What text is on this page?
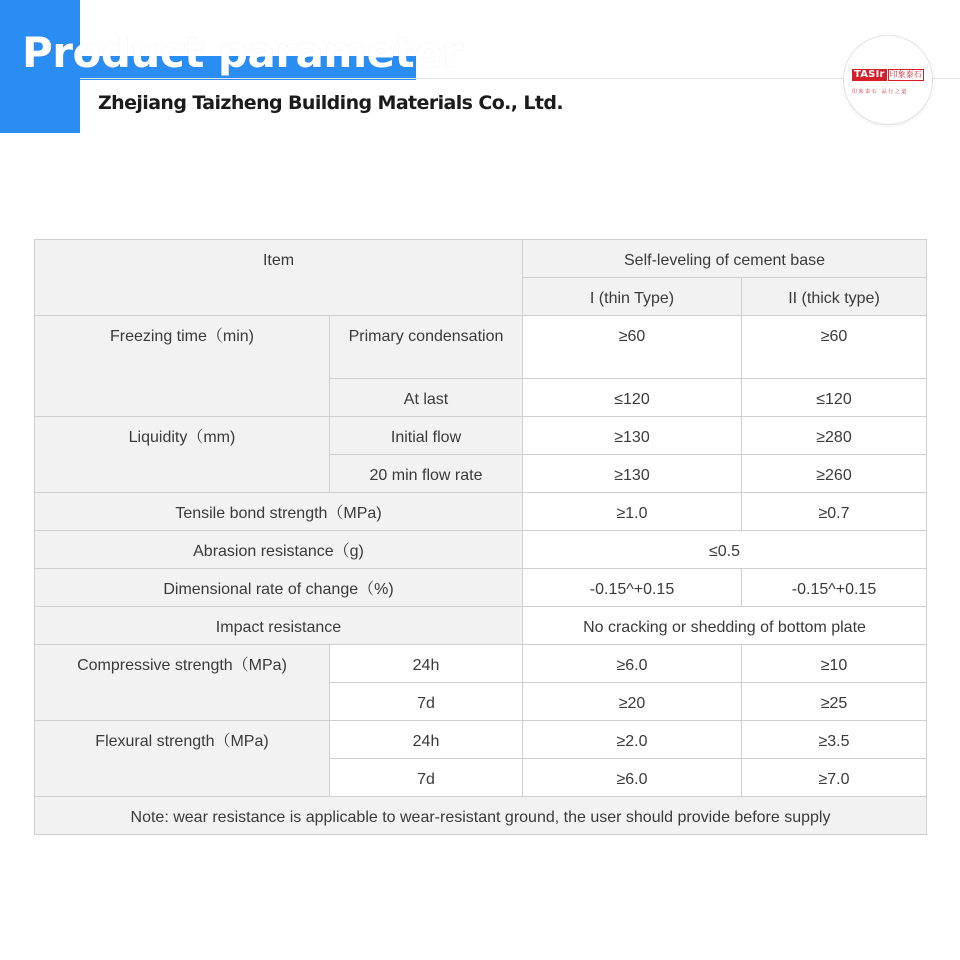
Product parameter
Zhejiang Taizheng Building Materials Co., Ltd.
TASIr 印象泰石
印象泰石 品行之道
Item		Self-leveling of cement base	
		I (thin Type)	II (thick type)
Freezing time（min)	Primary condensation	≥60	≥60
	At last	≤120	≤120
Liquidity（mm)	Initial flow	≥130	≥280
	20 min flow rate	≥130	≥260
Tensile bond strength（MPa)		≥1.0	≥0.7
Abrasion resistance（g)		≤0.5	
Dimensional rate of change（%)		-0.15^+0.15	-0.15^+0.15
Impact resistance		No cracking or shedding of bottom plate	
Compressive strength（MPa)	24h	≥6.0	≥10
	7d	≥20	≥25
Flexural strength（MPa)	24h	≥2.0	≥3.5
	7d	≥6.0	≥7.0
Note: wear resistance is applicable to wear-resistant ground, the user should provide before supply			
